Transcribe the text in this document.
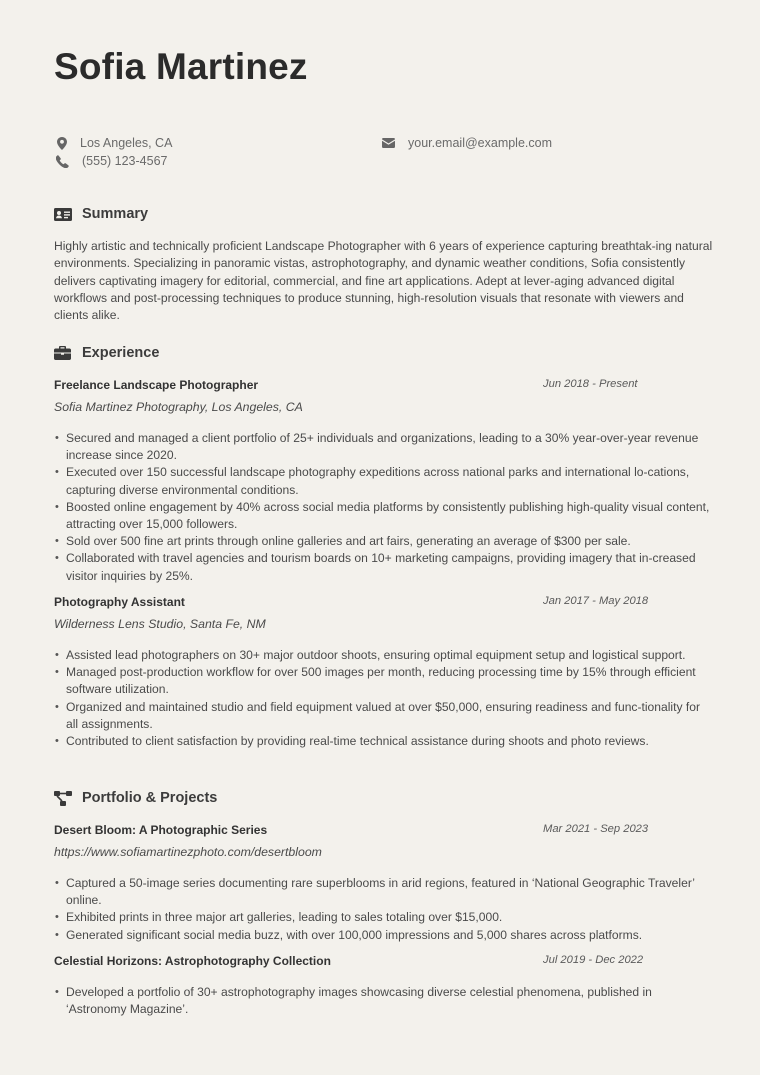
Sofia Martinez
Los Angeles, CA
(555) 123-4567
your.email@example.com
Summary
Highly artistic and technically proficient Landscape Photographer with 6 years of experience capturing breathtak-ing natural environments. Specializing in panoramic vistas, astrophotography, and dynamic weather conditions, Sofia consistently delivers captivating imagery for editorial, commercial, and fine art applications. Adept at lever-aging advanced digital workflows and post-processing techniques to produce stunning, high-resolution visuals that resonate with viewers and clients alike.
Experience
Freelance Landscape Photographer	Jun 2018 - Present
Sofia Martinez Photography, Los Angeles, CA
• Secured and managed a client portfolio of 25+ individuals and organizations, leading to a 30% year-over-year revenue increase since 2020.
• Executed over 150 successful landscape photography expeditions across national parks and international lo-cations, capturing diverse environmental conditions.
• Boosted online engagement by 40% across social media platforms by consistently publishing high-quality visual content, attracting over 15,000 followers.
• Sold over 500 fine art prints through online galleries and art fairs, generating an average of $300 per sale.
• Collaborated with travel agencies and tourism boards on 10+ marketing campaigns, providing imagery that in-creased visitor inquiries by 25%.
Photography Assistant	Jan 2017 - May 2018
Wilderness Lens Studio, Santa Fe, NM
• Assisted lead photographers on 30+ major outdoor shoots, ensuring optimal equipment setup and logistical support.
• Managed post-production workflow for over 500 images per month, reducing processing time by 15% through efficient software utilization.
• Organized and maintained studio and field equipment valued at over $50,000, ensuring readiness and func-tionality for all assignments.
• Contributed to client satisfaction by providing real-time technical assistance during shoots and photo reviews.
Portfolio & Projects
Desert Bloom: A Photographic Series	Mar 2021 - Sep 2023
https://www.sofiamartinezphoto.com/desertbloom
• Captured a 50-image series documenting rare superblooms in arid regions, featured in ‘National Geographic Traveler’ online.
• Exhibited prints in three major art galleries, leading to sales totaling over $15,000.
• Generated significant social media buzz, with over 100,000 impressions and 5,000 shares across platforms.
Celestial Horizons: Astrophotography Collection	Jul 2019 - Dec 2022
• Developed a portfolio of 30+ astrophotography images showcasing diverse celestial phenomena, published in ‘Astronomy Magazine’.
